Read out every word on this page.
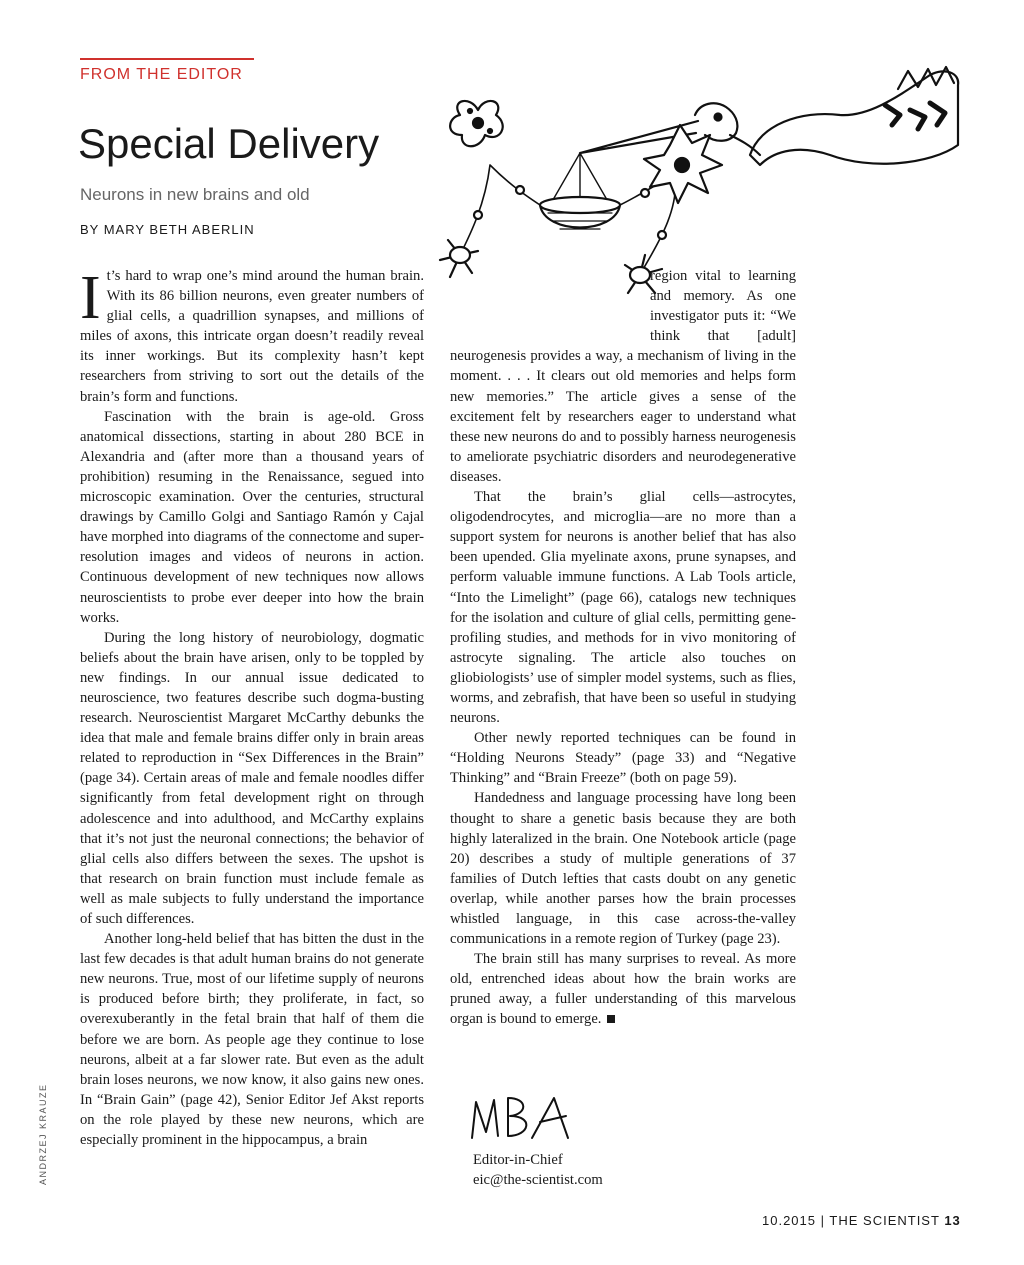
FROM THE EDITOR
Special Delivery
Neurons in new brains and old
BY MARY BETH ABERLIN

It’s hard to wrap one’s mind around the human brain. With its 86 billion neurons, even greater numbers of glial cells, a quadrillion synapses, and millions of miles of axons, this intricate organ doesn’t readily reveal its inner workings. But its complexity hasn’t kept researchers from striving to sort out the details of the brain’s form and functions.

Fascination with the brain is age-old. Gross anatomical dissections, starting in about 280 BCE in Alexandria and (after more than a thousand years of prohibition) resuming in the Renaissance, segued into microscopic examination. Over the centuries, structural drawings by Camillo Golgi and Santiago Ramón y Cajal have morphed into diagrams of the connectome and super-resolution images and videos of neurons in action. Continuous development of new techniques now allows neuroscientists to probe ever deeper into how the brain works.

During the long history of neurobiology, dogmatic beliefs about the brain have arisen, only to be toppled by new findings. In our annual issue dedicated to neuroscience, two features describe such dogma-busting research. Neuroscientist Margaret McCarthy debunks the idea that male and female brains differ only in brain areas related to reproduction in “Sex Differences in the Brain” (page 34). Certain areas of male and female noodles differ significantly from fetal development right on through adolescence and into adulthood, and McCarthy explains that it’s not just the neuronal connections; the behavior of glial cells also differs between the sexes. The upshot is that research on brain function must include female as well as male subjects to fully understand the importance of such differences.

Another long-held belief that has bitten the dust in the last few decades is that adult human brains do not generate new neurons. True, most of our lifetime supply of neurons is produced before birth; they proliferate, in fact, so overexuberantly in the fetal brain that half of them die before we are born. As people age they continue to lose neurons, albeit at a far slower rate. But even as the adult brain loses neurons, we now know, it also gains new ones. In “Brain Gain” (page 42), Senior Editor Jef Akst reports on the role played by these new neurons, which are especially prominent in the hippocampus, a brain

region vital to learning and memory. As one investigator puts it: “We think that [adult] neurogenesis provides a way, a mechanism of living in the moment. . . . It clears out old memories and helps form new memories.” The article gives a sense of the excitement felt by researchers eager to understand what these new neurons do and to possibly harness neurogenesis to ameliorate psychiatric disorders and neurodegenerative diseases.

That the brain’s glial cells—astrocytes, oligodendrocytes, and microglia—are no more than a support system for neurons is another belief that has also been upended. Glia myelinate axons, prune synapses, and perform valuable immune functions. A Lab Tools article, “Into the Limelight” (page 66), catalogs new techniques for the isolation and culture of glial cells, permitting gene-profiling studies, and methods for in vivo monitoring of astrocyte signaling. The article also touches on gliobiologists’ use of simpler model systems, such as flies, worms, and zebrafish, that have been so useful in studying neurons.

Other newly reported techniques can be found in “Holding Neurons Steady” (page 33) and “Negative Thinking” and “Brain Freeze” (both on page 59).

Handedness and language processing have long been thought to share a genetic basis because they are both highly lateralized in the brain. One Notebook article (page 20) describes a study of multiple generations of 37 families of Dutch lefties that casts doubt on any genetic overlap, while another parses how the brain processes whistled language, in this case across-the-valley communications in a remote region of Turkey (page 23).

The brain still has many surprises to reveal. As more old, entrenched ideas about how the brain works are pruned away, a fuller understanding of this marvelous organ is bound to emerge.

Editor-in-Chief
eic@the-scientist.com
ANDRZEJ KRAUZE
10.2015 | THE SCIENTIST 13
